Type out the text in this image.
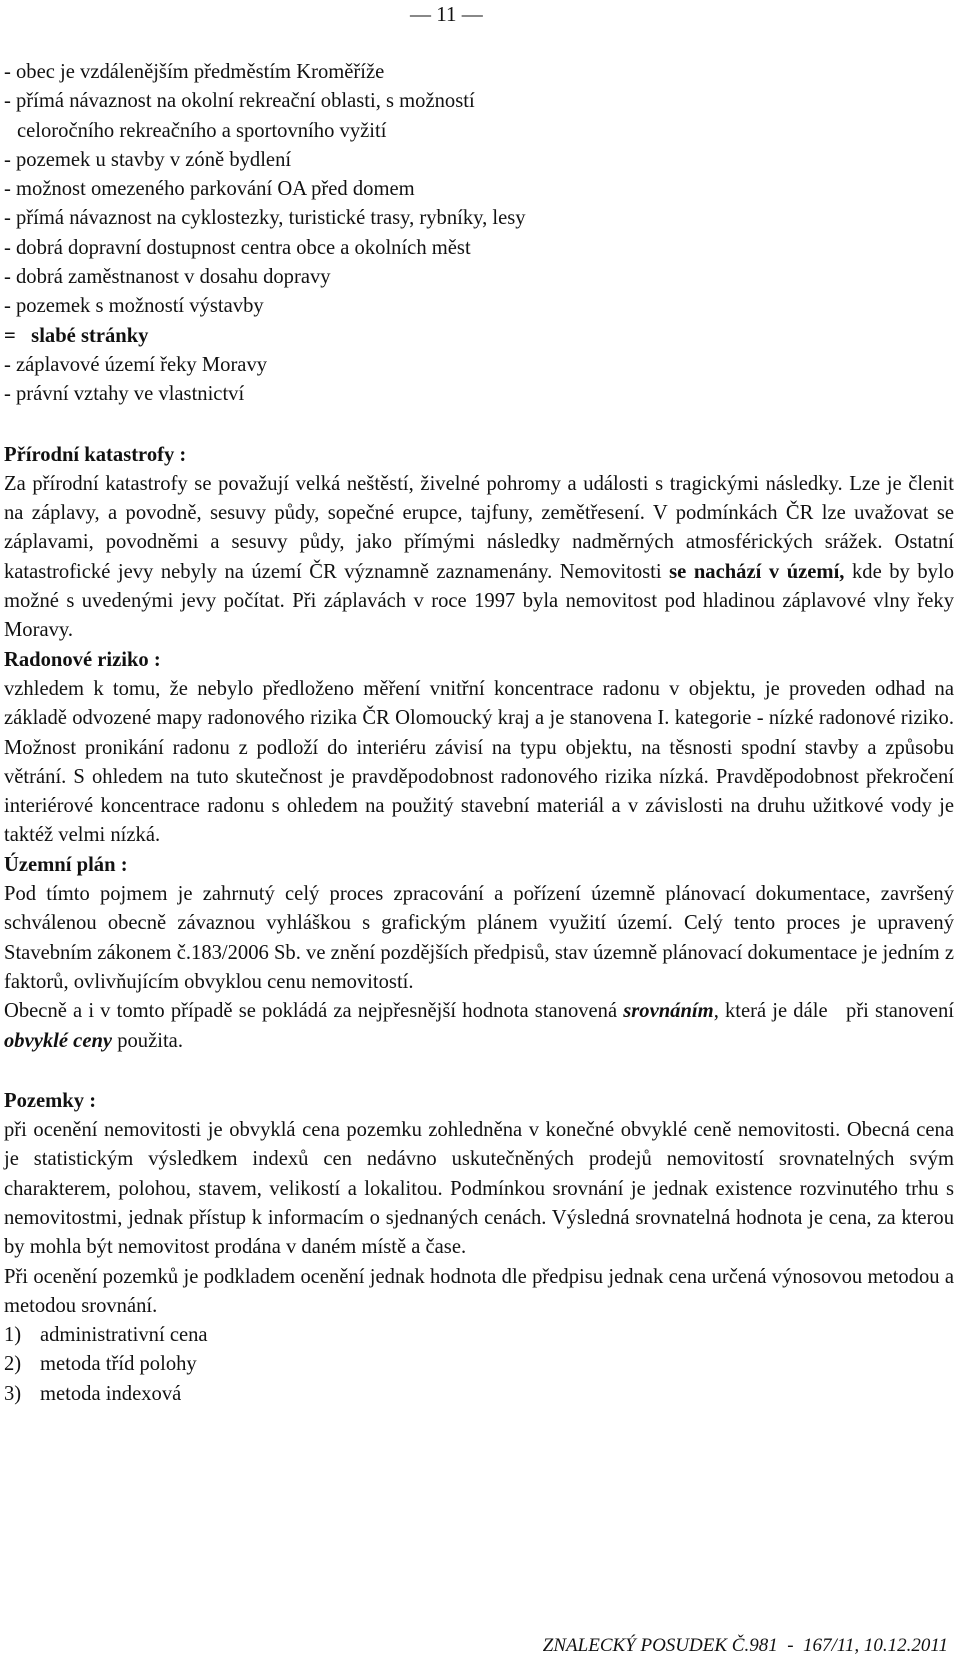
— 11 —
- obec je vzdálenějším předměstím Kroměříže
- přímá návaznost na okolní rekreační oblasti, s možností
celoročního rekreačního a sportovního vyžití
- pozemek u stavby v zóně bydlení
- možnost omezeného parkování OA před domem
- přímá návaznost na cyklostezky, turistické trasy, rybníky, lesy
- dobrá dopravní dostupnost centra obce a okolních měst
- dobrá zaměstnanost v dosahu dopravy
- pozemek s možností výstavby
=   slabé stránky
- záplavové území řeky Moravy
- právní vztahy ve vlastnictví
Přírodní katastrofy :
Za přírodní katastrofy se považují velká neštěstí, živelné pohromy a události s tragickými následky. Lze je členit na záplavy, a povodně, sesuvy půdy, sopečné erupce, tajfuny, zemětřesení. V podmínkách ČR lze uvažovat se záplavami, povodněmi a sesuvy půdy, jako přímými následky nadměrných atmosférických srážek. Ostatní katastrofické jevy nebyly na území ČR významně zaznamenány. Nemovitosti se nachází v území, kde by bylo možné s uvedenými jevy počítat. Při záplavách v roce 1997 byla nemovitost pod hladinou záplavové vlny řeky Moravy.
Radonové riziko :
vzhledem k tomu, že nebylo předloženo měření vnitřní koncentrace radonu v objektu, je proveden odhad na základě odvozené mapy radonového rizika ČR Olomoucký kraj a je stanovena I. kategorie - nízké radonové riziko. Možnost pronikání radonu z podloží do interiéru závisí na typu objektu, na těsnosti spodní stavby a způsobu větrání. S ohledem na tuto skutečnost je pravděpodobnost radonového rizika nízká. Pravděpodobnost překročení interiérové koncentrace radonu s ohledem na použitý stavební materiál a v závislosti na druhu užitkové vody je taktéž velmi nízká.
Územní plán :
Pod tímto pojmem je zahrnutý celý proces zpracování a pořízení územně plánovací dokumentace, završený schválenou obecně závaznou vyhláškou s grafickým plánem využití území. Celý tento proces je upravený Stavebním zákonem č.183/2006 Sb. ve znění pozdějších předpisů, stav územně plánovací dokumentace je jedním z faktorů, ovlivňujícím obvyklou cenu nemovitostí.
Obecně a i v tomto případě se pokládá za nejpřesnější hodnota stanovená srovnáním, která je dále   při stanovení obvyklé ceny použita.
Pozemky :
při ocenění nemovitosti je obvyklá cena pozemku zohledněna v konečné obvyklé ceně nemovitosti. Obecná cena je statistickým výsledkem indexů cen nedávno uskutečněných prodejů nemovitostí srovnatelných svým charakterem, polohou, stavem, velikostí a lokalitou. Podmínkou srovnání je jednak existence rozvinutého trhu s nemovitostmi, jednak přístup k informacím o sjednaných cenách. Výsledná srovnatelná hodnota je cena, za kterou by mohla být nemovitost prodána v daném místě a čase.
Při ocenění pozemků je podkladem ocenění jednak hodnota dle předpisu jednak cena určená výnosovou metodou a metodou srovnání.
1) administrativní cena
2) metoda tříd polohy
3) metoda indexová
ZNALECKÝ POSUDEK Č.981  -  167/11, 10.12.2011
